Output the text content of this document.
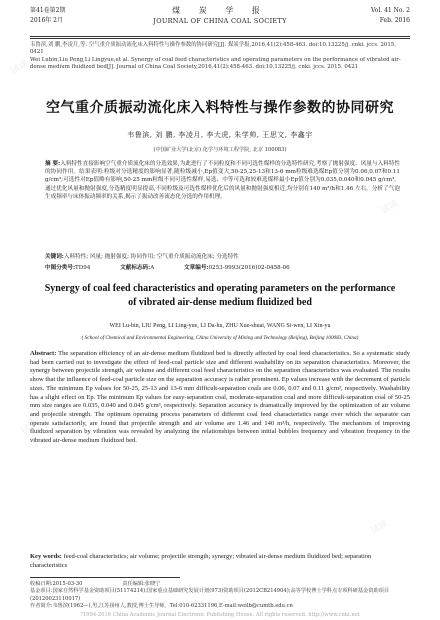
试读
试读
试读
试读
第41卷第2期
2016年 2月
煤 炭 学 报
JOURNAL OF CHINA COAL SOCIETY
Vol. 41 No. 2
Feb. 2016

韦鲁滨,刘 鹏,李凌月,等. 空气重介质振动流化床入料特性与操作参数的协同研究[J]. 煤炭学报,2016,41(2):458-463. doi:10.13225/j. cnki. jccs. 2015. 0421

Wei Lubin,Liu Peng,Li Lingyue,et al. Synergy of coal feed characteristics and operating parameters on the performance of vibrated air-dense medium fluidized bed[J]. Journal of China Coal Society,2016,41(2):458-463. doi:10.13225/j. cnki. jccs. 2015. 0421

空气重介质振动流化床入料特性与操作参数的协同研究
韦鲁滨, 刘 鹏, 李凌月, 李大虎, 朱学帅, 王思文, 李鑫宇
(中国矿业大学(北京) 化学与环境工程学院, 北京 100083)
摘 要:入料特性直接影响空气重介质流化床的分选效果,为此进行了不同粒度和不同可选性煤样的分选特性研究,考察了抛射强度、风量与入料特性的协同作用。结果表明:粒级对分选精度的影响显著,随粒级减小,Ep值变大,50-25,25-13和13-6 mm粒级难选煤Ep值分别为0.06,0.07和0.11 g/cm³;可选性对Ep值略有影响,50-25 mm粒级不同可选性煤样,易选、中等可选和较难选煤样最小Ep值分别为0.035,0.040和0.045 g/cm³。通过优化风量和抛射强度,分选精度明显提高,不同粒级及可选性煤样优化后的风量和抛射强度相近,均分别在140 m³/h和1.46 左右。分析了气泡生成频率与床体振动频率的关系,揭示了振动改善流态化分选的作用机理。
关键词:入料特性; 风量; 抛射强度; 协同作用; 空气重介质振动流化床; 分选特性
中图分类号:TD94	文献标志码:A	文章编号:0253-9993(2016)02-0458-06
Synergy of coal feed characteristics and operating parameters on the performance of vibrated air-dense medium fluidized bed
WEI Lu-bin, LIU Peng, LI Ling-yue, LI Da-hu, ZHU Xue-shuai, WANG Si-wen, LI Xin-yu
( School of Chemical and Environmental Engineering, China University of Mining and Technology (Beijing), Beijing 100083, China)
Abstract: The separation efficiency of an air-dense medium fluidized bed is directly affected by coal feed characteristics. So a systematic study had been carried out to investigate the effect of feed-coal particle size and different washability on its separation characteristics. Moreover, the synergy between projectile strength, air volume and different coal feed characteristics on the separation characteristics was evaluated. The results show that the influence of feed-coal particle size on the separation accuracy is rather prominent. Ep values increase with the decrement of particle sizes. The minimum Ep values for 50-25, 25-13 and 13-6 mm difficult-separation coals are 0.06, 0.07 and 0.11 g/cm³, respectively. Washability has a slight effect on Ep. The minimum Ep values for easy-separation coal, moderate-separation coal and more difficult-separation coal of 50-25 mm size ranges are 0.035, 0.040 and 0.045 g/cm³, respectively. Separation accuracy is dramatically improved by the optimization of air volume and projectile strength. The optimum operating process parameters of different coal feed characteristics range over which the separator can operate satisfactorily, are found that projectile strength and air volume are 1.46 and 140 m³/h, respectively. The mechanism of improving fluidized separation by vibration was revealed by analyzing the relationships between initial bubbles frequency and vibration frequency in the vibrated air-dense medium fluidized bed.
Key words: feed-coal characteristics; air volume; projectile strength; synergy; vibrated air-dense medium fluidized bed; separation characteristics

收稿日期:2015-03-30	责任编辑:张晓宁

基金项目:国家自然科学基金资助项目(51174214);国家重点基础研究发展计划(973)资助项目(2012CB214904);高等学校博士学科点专项科研基金资助项目(20120023110017)

作者简介:韦鲁滨(1962—),男,江苏扬州人,教授,博士生导师。Tel:010-62331196,E-mail:weilb@cumtb.edu.cn

?1994-2016 China Academic Journal Electronic Publishing House. All rights reserved. http://www.cnki.net
